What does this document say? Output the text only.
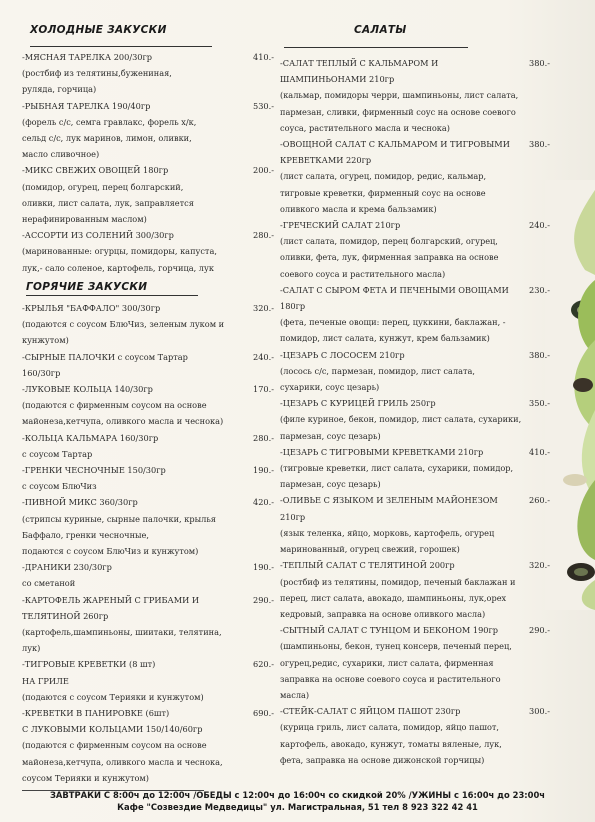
ХОЛОДНЫЕ ЗАКУСКИ
-МЯСНАЯ ТАРЕЛКА 200/30гр
(ростбиф из телятины,бужениная,
руляда, горчица)
410.-
-РЫБНАЯ ТАРЕЛКА 190/40гр
(форель с/с, семга гравлакс, форель х/к,
сельд с/с, лук маринов, лимон, оливки,
масло сливочное)
530.-
-МИКС СВЕЖИХ ОВОЩЕЙ 180гр
(помидор, огурец, перец болгарский,
оливки, лист салата, лук, заправляется
нерафинированным маслом)
200.-
-АССОРТИ ИЗ СОЛЕНИЙ 300/30гр
(маринованные: огурцы, помидоры, капуста,
лук,- сало соленое, картофель, горчица, лук
280.-
ГОРЯЧИЕ ЗАКУСКИ
-КРЫЛЬЯ "БАФФАЛО" 300/30гр
(подаются с соусом БлюЧиз, зеленым луком и
кунжутом)
320.-
-СЫРНЫЕ ПАЛОЧКИ с соусом Тартар
160/30гр
240.-
-ЛУКОВЫЕ КОЛЬЦА 140/30гр
(подаются с фирменным соусом на основе
майонеза,кетчупа, оливкого масла и чеснока)
170.-
-КОЛЬЦА КАЛЬМАРА 160/30гр
с соусом Тартар
280.-
-ГРЕНКИ ЧЕСНОЧНЫЕ 150/30гр
с соусом БлюЧиз
190.-
-ПИВНОЙ МИКС 360/30гр
(стрипсы куриные, сырные палочки, крылья
Баффало, гренки чесночные,
подаются с соусом БлюЧиз и кунжутом)
420.-
-ДРАНИКИ 230/30гр
со сметаной
190.-
-КАРТОФЕЛЬ ЖАРЕНЫЙ С ГРИБАМИ И
ТЕЛЯТИНОЙ 260гр
(картофель,шампиньоны, шиитаки, телятина,
лук)
290.-
-ТИГРОВЫЕ КРЕВЕТКИ (8 шт)
НА ГРИЛЕ
(подаются с соусом Терияки и кунжутом)
620.-
-КРЕВЕТКИ В ПАНИРОВКЕ (6шт)
С ЛУКОВЫМИ КОЛЬЦАМИ 150/140/60гр
(подаются с фирменным соусом на основе
майонеза,кетчупа, оливкого масла и чеснока,
соусом Терияки и кунжутом)
690.-
САЛАТЫ
-САЛАТ ТЕПЛЫЙ С КАЛЬМАРОМ И
ШАМПИНЬОНАМИ 210гр
(кальмар, помидоры черри, шампиньоны, лист салата,
пармезан, сливки, фирменный соус на основе соевого
соуса, растительного масла и чеснока)
380.-
-ОВОЩНОЙ САЛАТ С КАЛЬМАРОМ И ТИГРОВЫМИ
КРЕВЕТКАМИ 220гр
(лист салата, огурец, помидор, редис, кальмар,
тигровые креветки, фирменный соус на основе
оливкого масла и крема бальзамик)
380.-
-ГРЕЧЕСКИЙ САЛАТ 210гр
(лист салата, помидор, перец болгарский, огурец,
оливки, фета, лук, фирменная заправка на основе
соевого соуса и растительного масла)
240.-
-САЛАТ С СЫРОМ ФЕТА И ПЕЧЕНЫМИ ОВОЩАМИ
180гр
(фета, печеные овощи: перец, цуккини, баклажан, -
помидор, лист салата, кунжут, крем бальзамик)
230.-
-ЦЕЗАРЬ С ЛОСОСЕМ 210гр
(лосось с/с, пармезан, помидор, лист салата,
сухарики, соус цезарь)
380.-
-ЦЕЗАРЬ С КУРИЦЕЙ ГРИЛЬ 250гр
(филе куриное, бекон, помидор, лист салата, сухарики,
пармезан, соус цезарь)
350.-
-ЦЕЗАРЬ С ТИГРОВЫМИ КРЕВЕТКАМИ 210гр
(тигровые креветки, лист салата, сухарики, помидор,
пармезан, соус цезарь)
410.-
-ОЛИВЬЕ С ЯЗЫКОМ И ЗЕЛЕНЫМ МАЙОНЕЗОМ
210гр
(язык теленка, яйцо, морковь, картофель, огурец
маринованный, огурец свежий, горошек)
260.-
-ТЕПЛЫЙ САЛАТ С ТЕЛЯТИНОЙ 200гр
(ростбиф из телятины, помидор, печеный баклажан и
перец, лист салата, авокадо, шампиньоны, лук,орех
кедровый, заправка на основе оливкого масла)
320.-
-СЫТНЫЙ САЛАТ С ТУНЦОМ И БЕКОНОМ 190гр
(шампиньоны, бекон, тунец консерв, печеный перец,
огурец,редис, сухарики, лист салата, фирменная
заправка на основе соевого соуса и растительного
масла)
290.-
-СТЕЙК-САЛАТ С ЯЙЦОМ ПАШОТ 230гр
(курица гриль, лист салата, помидор, яйцо пашот,
картофель, авокадо, кунжут, томаты вяленые, лук,
фета, заправка на основе дижонской горчицы)
300.-
ЗАВТРАКИ С 8:00ч до 12:00ч /ОБЕДЫ с 12:00ч до 16:00ч со скидкой 20% /УЖИНЫ с 16:00ч до 23:00ч
Кафе "Созвездие Медведицы" ул. Магистральная, 51 тел 8 923 322 42 41
